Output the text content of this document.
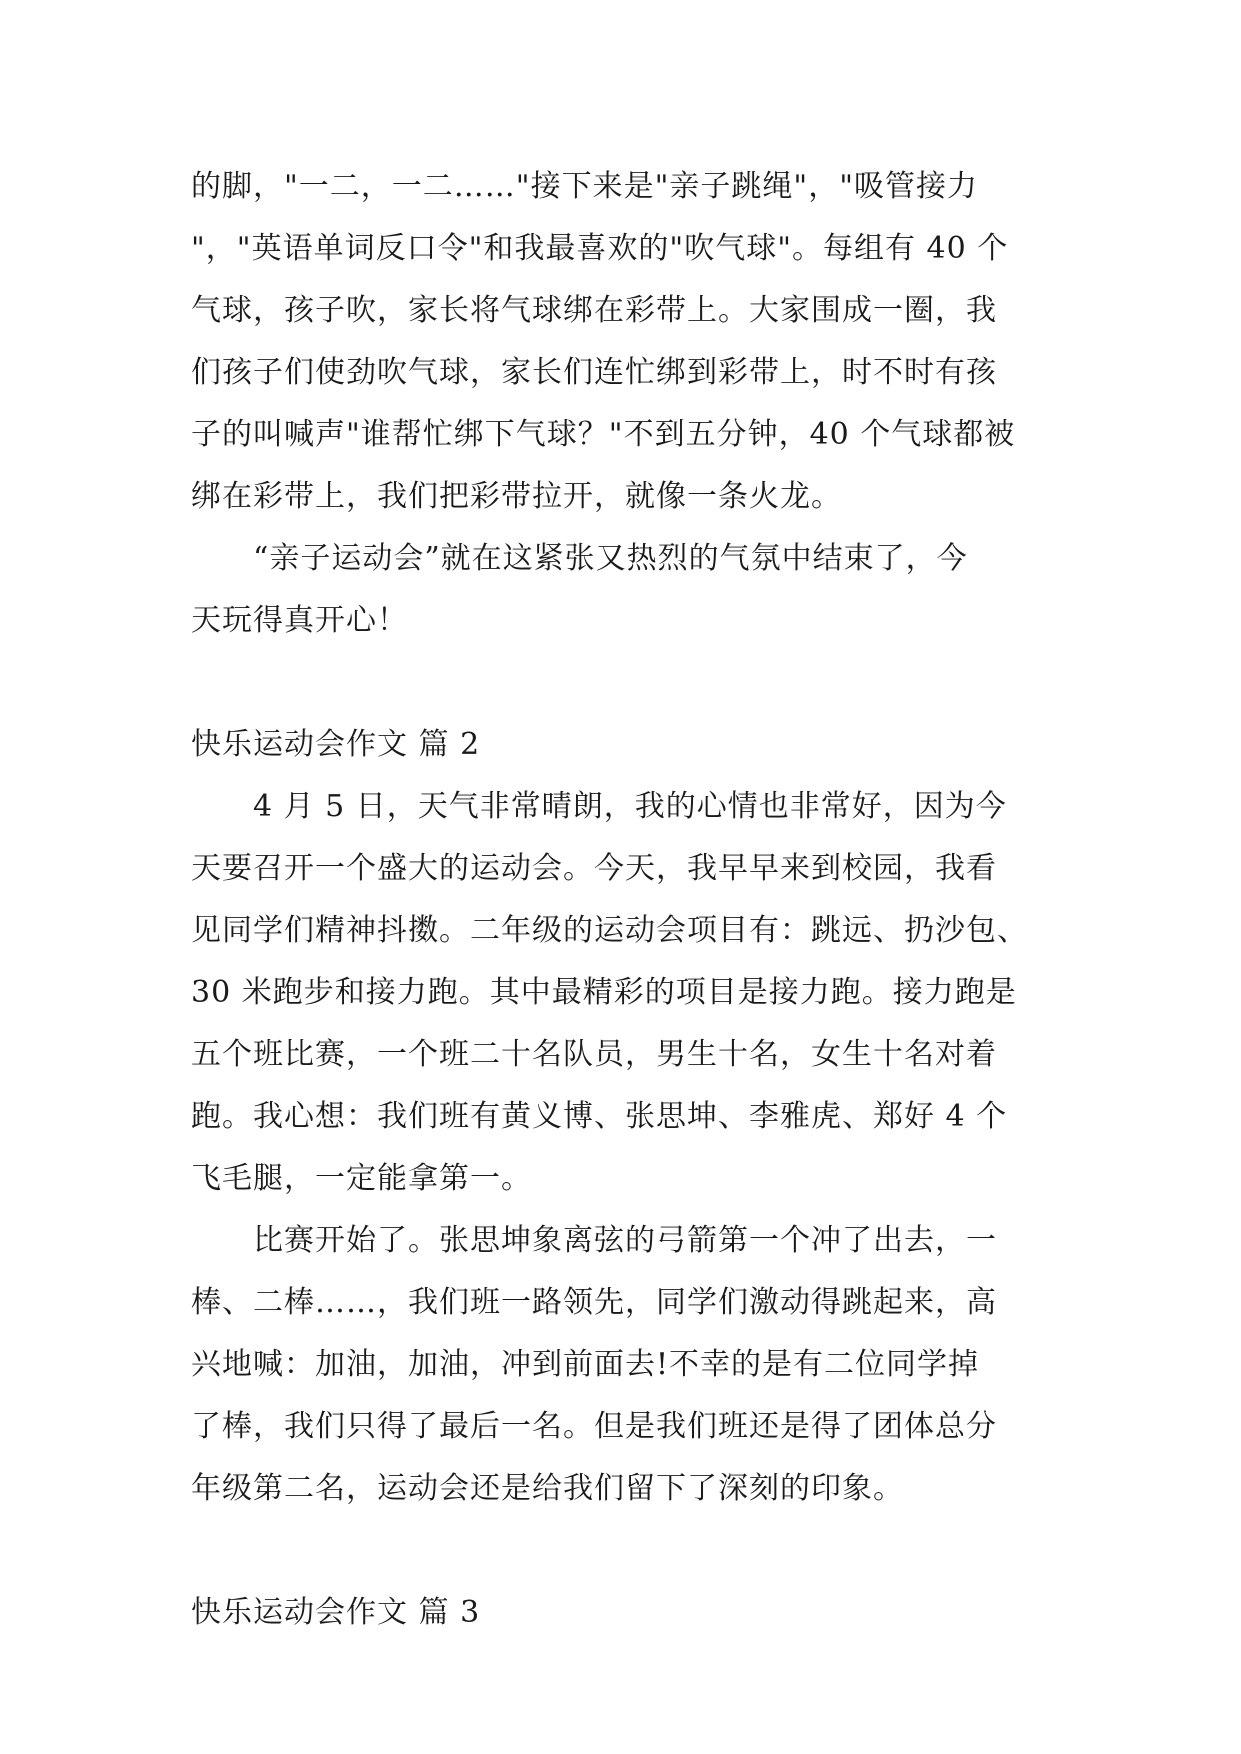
的脚，"一二，一二……"接下来是"亲子跳绳"，"吸管接力
"，"英语单词反口令"和我最喜欢的"吹气球"。每组有 40 个
气球，孩子吹，家长将气球绑在彩带上。大家围成一圈，我
们孩子们使劲吹气球，家长们连忙绑到彩带上，时不时有孩
子的叫喊声"谁帮忙绑下气球？"不到五分钟，40 个气球都被
绑在彩带上，我们把彩带拉开，就像一条火龙。
“亲子运动会”就在这紧张又热烈的气氛中结束了，今
天玩得真开心！
快乐运动会作文 篇 2
4 月 5 日，天气非常晴朗，我的心情也非常好，因为今
天要召开一个盛大的运动会。今天，我早早来到校园，我看
见同学们精神抖擞。二年级的运动会项目有：跳远、扔沙包、
30 米跑步和接力跑。其中最精彩的项目是接力跑。接力跑是
五个班比赛，一个班二十名队员，男生十名，女生十名对着
跑。我心想：我们班有黄义博、张思坤、李雅虎、郑好 4 个
飞毛腿，一定能拿第一。
比赛开始了。张思坤象离弦的弓箭第一个冲了出去，一
棒、二棒……，我们班一路领先，同学们激动得跳起来，高
兴地喊：加油，加油，冲到前面去!不幸的是有二位同学掉
了棒，我们只得了最后一名。但是我们班还是得了团体总分
年级第二名，运动会还是给我们留下了深刻的印象。
快乐运动会作文 篇 3
